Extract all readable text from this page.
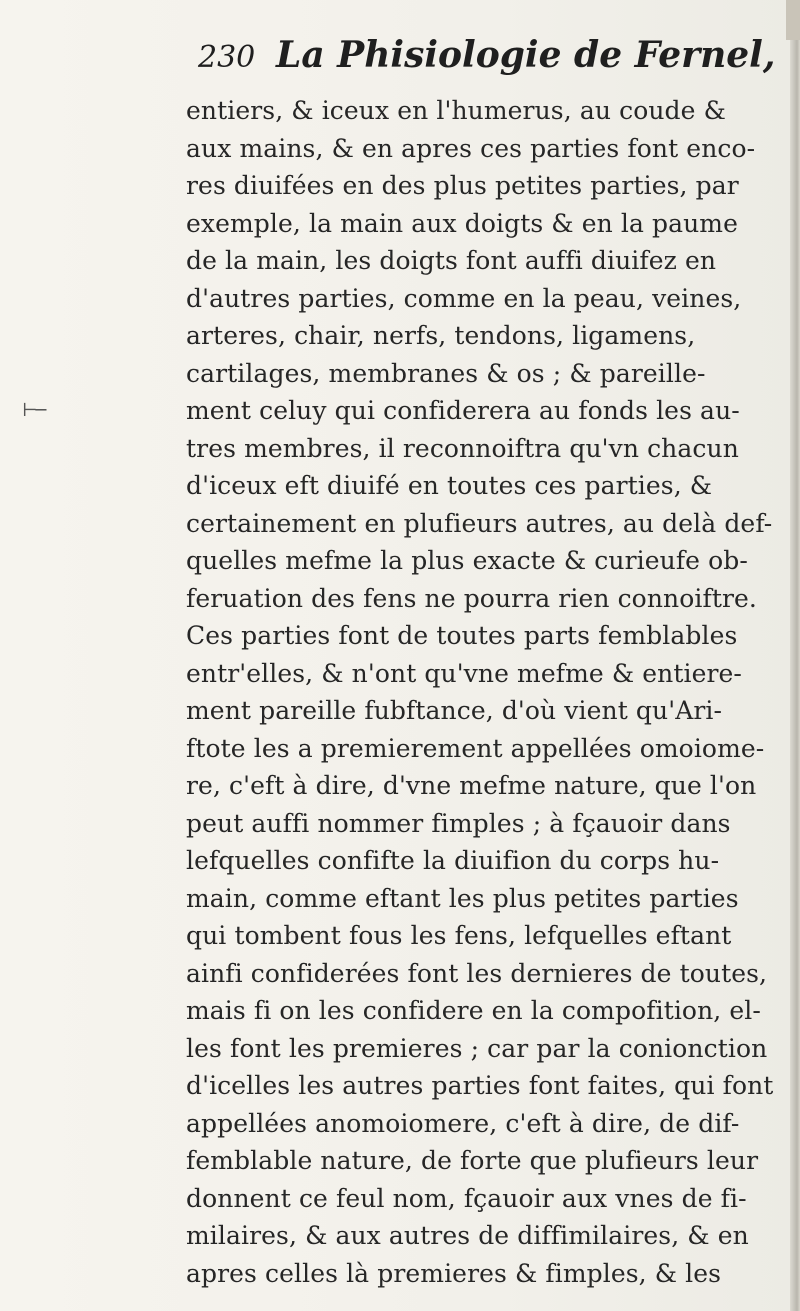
⊢─
230 La Phisiologie de Fernel,
entiers, & iceux en l'humerus, au coude &
aux mains, & en apres ces parties font enco-
res diuifées en des plus petites parties, par
exemple, la main aux doigts & en la paume
de la main, les doigts font auffi diuifez en
d'autres parties, comme en la peau, veines,
arteres, chair, nerfs, tendons, ligamens,
cartilages, membranes & os ; & pareille-
ment celuy qui confiderera au fonds les au-
tres membres, il reconnoiftra qu'vn chacun
d'iceux eft diuifé en toutes ces parties, &
certainement en plufieurs autres, au delà def-
quelles mefme la plus exacte & curieufe ob-
feruation des fens ne pourra rien connoiftre.
Ces parties font de toutes parts femblables
entr'elles, & n'ont qu'vne mefme & entiere-
ment pareille fubftance, d'où vient qu'Ari-
ftote les a premierement appellées omoiome-
re, c'eft à dire, d'vne mefme nature, que l'on
peut auffi nommer fimples ; à fçauoir dans
lefquelles confifte la diuifion du corps hu-
main, comme eftant les plus petites parties
qui tombent fous les fens, lefquelles eftant
ainfi confiderées font les dernieres de toutes,
mais fi on les confidere en la compofition, el-
les font les premieres ; car par la conionction
d'icelles les autres parties font faites, qui font
appellées anomoiomere, c'eft à dire, de dif-
femblable nature, de forte que plufieurs leur
donnent ce feul nom, fçauoir aux vnes de fi-
milaires, & aux autres de diffimilaires, & en
apres celles là premieres & fimples, & les
